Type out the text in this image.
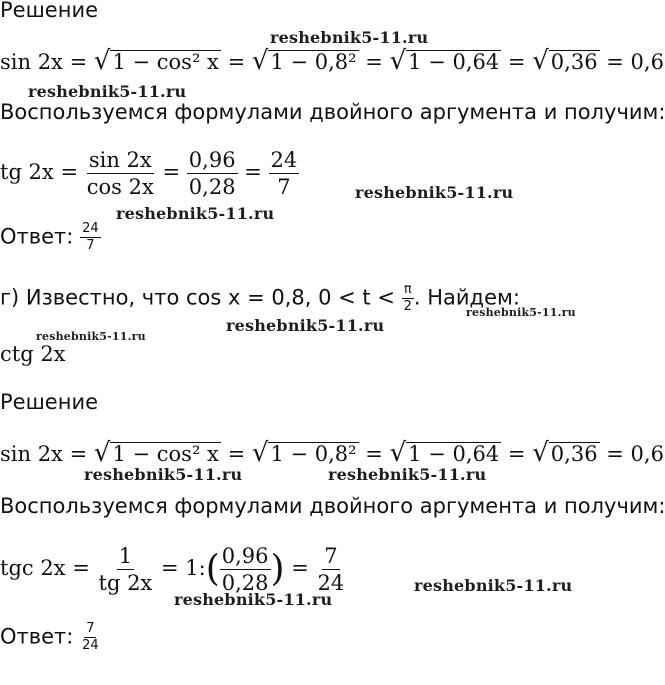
Решение
sin 2x = √1 − cos² x = √1 − 0,8² = √1 − 0,64 = √0,36 = 0,6
Воспользуемся формулами двойного аргумента и получим:
tg $2x = \frac{\sin 2x}{\cos 2x} = \frac{0,96}{0,28} = \frac{24}{7}$
Ответ: $\frac{24}{7}$
г) Известно, что cos x = 0,8, $0 < t < \frac{\pi}{2}$ . Найдем:
ctg 2x
Решение
sin 2x = √1 − cos² x = √1 − 0,8² = √1 − 0,64 = √0,36 = 0,6
Воспользуемся формулами двойного аргумента и получим:
tgc $2x = \frac{1}{tg 2x}$ = 1:( $\frac{0,96}{0,28}$ ) = $\frac{7}{24}$
Ответ: $\frac{7}{24}$
reshebnik5-11.ru
reshebnik5-11.ru
reshebnik5-11.ru
reshebnik5-11.ru
reshebnik5-11.ru
reshebnik5-11.ru
reshebnik5-11.ru
reshebnik5-11.ru	reshebnik5-11.ru
reshebnik5-11.ru
reshebnik5-11.ru
